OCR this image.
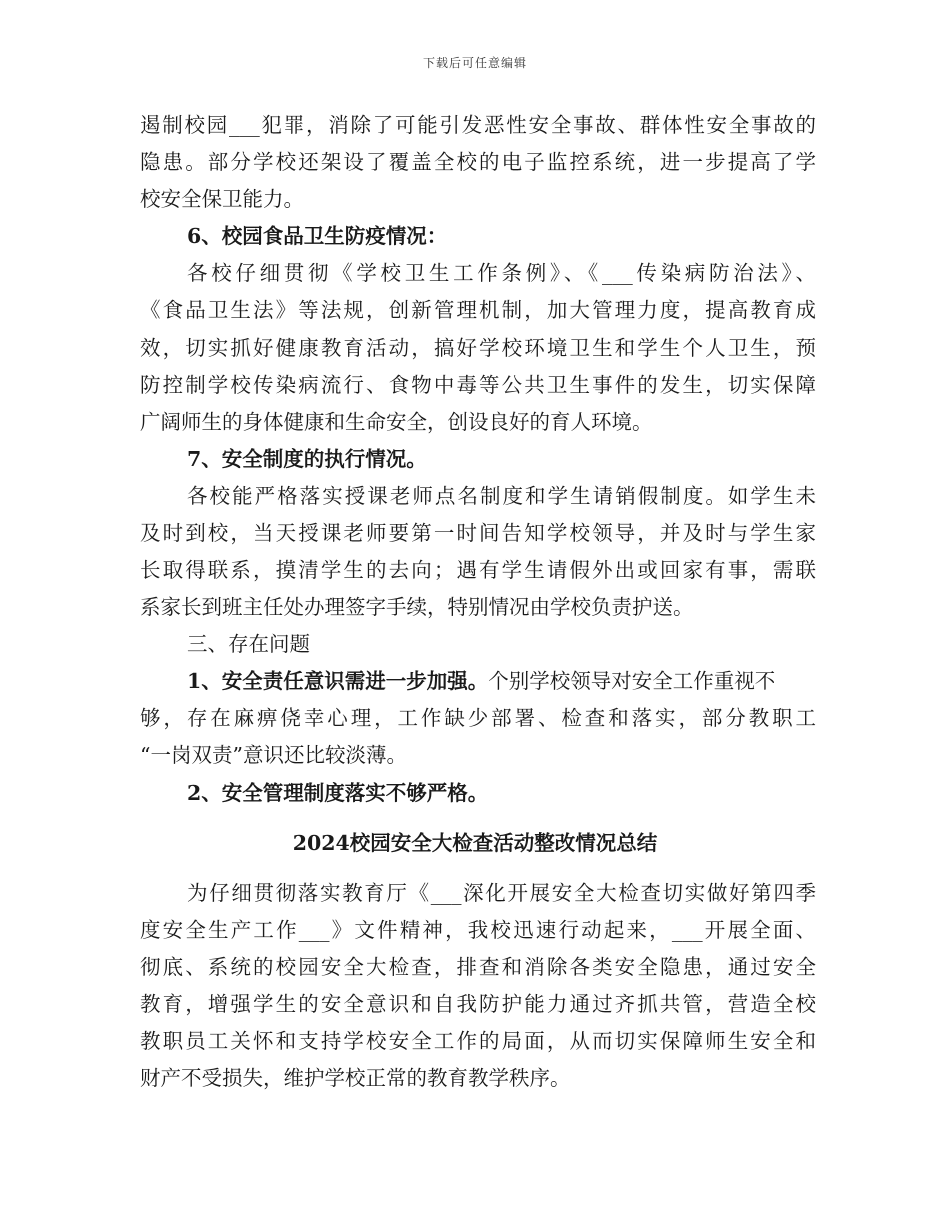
下载后可任意编辑
遏制校园___犯罪，消除了可能引发恶性安全事故、群体性安全事故的
隐患。部分学校还架设了覆盖全校的电子监控系统，进一步提高了学
校安全保卫能力。
6、校园食品卫生防疫情况：
各校仔细贯彻《学校卫生工作条例》、《___传染病防治法》、
《食品卫生法》等法规，创新管理机制，加大管理力度，提高教育成
效，切实抓好健康教育活动，搞好学校环境卫生和学生个人卫生，预
防控制学校传染病流行、食物中毒等公共卫生事件的发生，切实保障
广阔师生的身体健康和生命安全，创设良好的育人环境。
7、安全制度的执行情况。
各校能严格落实授课老师点名制度和学生请销假制度。如学生未
及时到校，当天授课老师要第一时间告知学校领导，并及时与学生家
长取得联系，摸清学生的去向；遇有学生请假外出或回家有事，需联
系家长到班主任处办理签字手续，特别情况由学校负责护送。
三、存在问题
1、安全责任意识需进一步加强。个别学校领导对安全工作重视不
够，存在麻痹侥幸心理，工作缺少部署、检查和落实，部分教职工
“一岗双责”意识还比较淡薄。
2、安全管理制度落实不够严格。
2024校园安全大检查活动整改情况总结
为仔细贯彻落实教育厅《___深化开展安全大检查切实做好第四季
度安全生产工作___》文件精神，我校迅速行动起来，___开展全面、
彻底、系统的校园安全大检查，排查和消除各类安全隐患，通过安全
教育，增强学生的安全意识和自我防护能力通过齐抓共管，营造全校
教职员工关怀和支持学校安全工作的局面，从而切实保障师生安全和
财产不受损失，维护学校正常的教育教学秩序。
